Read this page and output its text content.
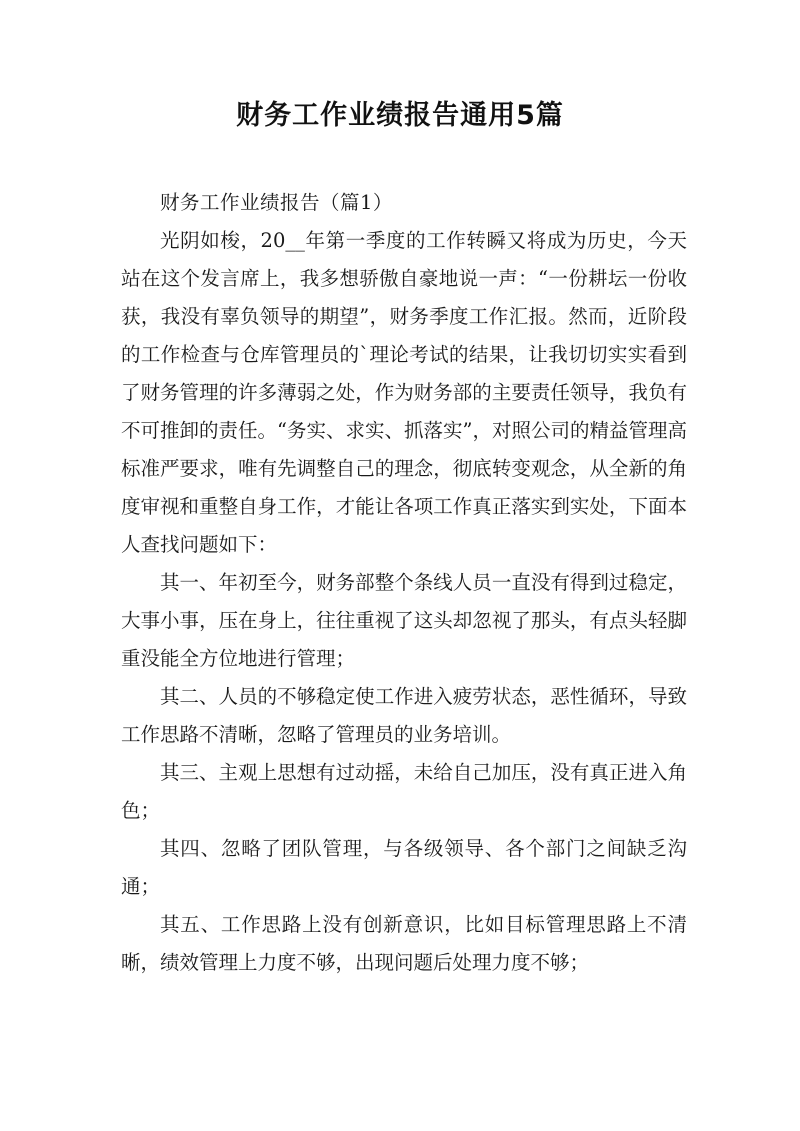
财务工作业绩报告通用5篇

财务工作业绩报告（篇1）

光阴如梭，20__年第一季度的工作转瞬又将成为历史，今天站在这个发言席上，我多想骄傲自豪地说一声：“一份耕坛一份收获，我没有辜负领导的期望”，财务季度工作汇报。然而，近阶段的工作检查与仓库管理员的`理论考试的结果，让我切切实实看到了财务管理的许多薄弱之处，作为财务部的主要责任领导，我负有不可推卸的责任。“务实、求实、抓落实”，对照公司的精益管理高标准严要求，唯有先调整自己的理念，彻底转变观念，从全新的角度审视和重整自身工作，才能让各项工作真正落实到实处，下面本人查找问题如下：

其一、年初至今，财务部整个条线人员一直没有得到过稳定，大事小事，压在身上，往往重视了这头却忽视了那头，有点头轻脚重没能全方位地进行管理；

其二、人员的不够稳定使工作进入疲劳状态，恶性循环，导致工作思路不清晰，忽略了管理员的业务培训。

其三、主观上思想有过动摇，未给自己加压，没有真正进入角色；

其四、忽略了团队管理，与各级领导、各个部门之间缺乏沟通；

其五、工作思路上没有创新意识，比如目标管理思路上不清晰，绩效管理上力度不够，出现问题后处理力度不够；
